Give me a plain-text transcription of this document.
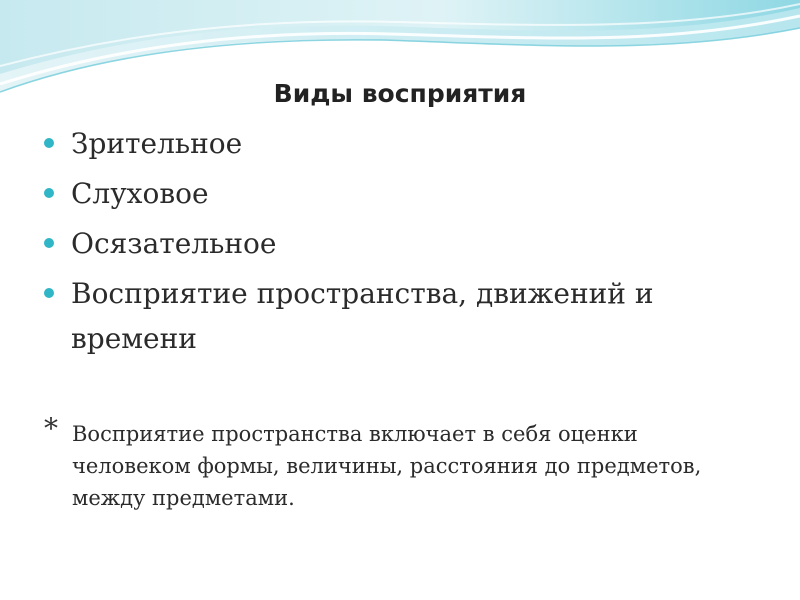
Виды восприятия
Зрительное
Слуховое
Осязательное
Восприятие пространства, движений и времени
* Восприятие пространства включает в себя оценки человеком формы, величины, расстояния до предметов, между предметами.
